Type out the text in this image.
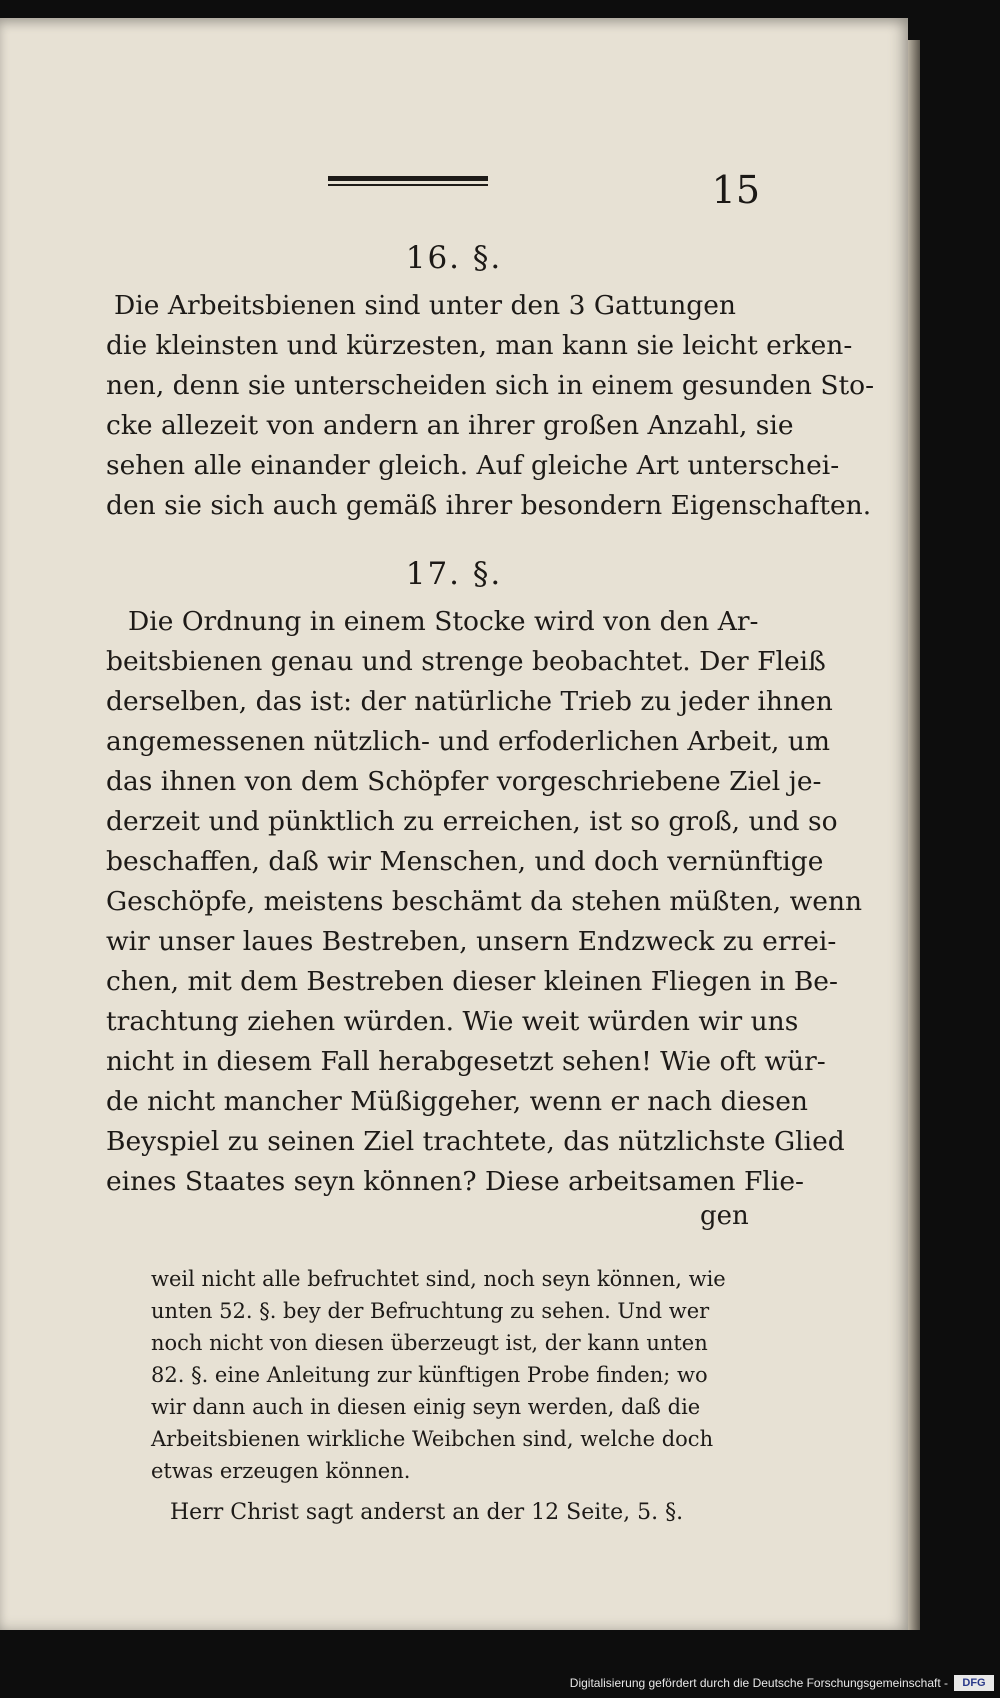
15
16. §.

Die Arbeitsbienen sind unter den 3 Gattungen
die kleinsten und kürzesten, man kann sie leicht erken-
nen, denn sie unterscheiden sich in einem gesunden Sto-
cke allezeit von andern an ihrer großen Anzahl, sie
sehen alle einander gleich. Auf gleiche Art unterschei-
den sie sich auch gemäß ihrer besondern Eigenschaften.

17. §.

Die Ordnung in einem Stocke wird von den Ar-
beitsbienen genau und strenge beobachtet. Der Fleiß
derselben, das ist: der natürliche Trieb zu jeder ihnen
angemessenen nützlich- und erfoderlichen Arbeit, um
das ihnen von dem Schöpfer vorgeschriebene Ziel je-
derzeit und pünktlich zu erreichen, ist so groß, und so
beschaffen, daß wir Menschen, und doch vernünftige
Geschöpfe, meistens beschämt da stehen müßten, wenn
wir unser laues Bestreben, unsern Endzweck zu errei-
chen, mit dem Bestreben dieser kleinen Fliegen in Be-
trachtung ziehen würden. Wie weit würden wir uns
nicht in diesem Fall herabgesetzt sehen! Wie oft wür-
de nicht mancher Müßiggeher, wenn er nach diesen
Beyspiel zu seinen Ziel trachtete, das nützlichste Glied
eines Staates seyn können? Diese arbeitsamen Flie-

gen
weil nicht alle befruchtet sind, noch seyn können, wie
unten 52. §. bey der Befruchtung zu sehen. Und wer
noch nicht von diesen überzeugt ist, der kann unten
82. §. eine Anleitung zur künftigen Probe finden; wo
wir dann auch in diesen einig seyn werden, daß die
Arbeitsbienen wirkliche Weibchen sind, welche doch
etwas erzeugen können.
Herr Christ sagt anderst an der 12 Seite, 5. §.
Digitalisierung gefördert durch die Deutsche Forschungsgemeinschaft -	DFG
